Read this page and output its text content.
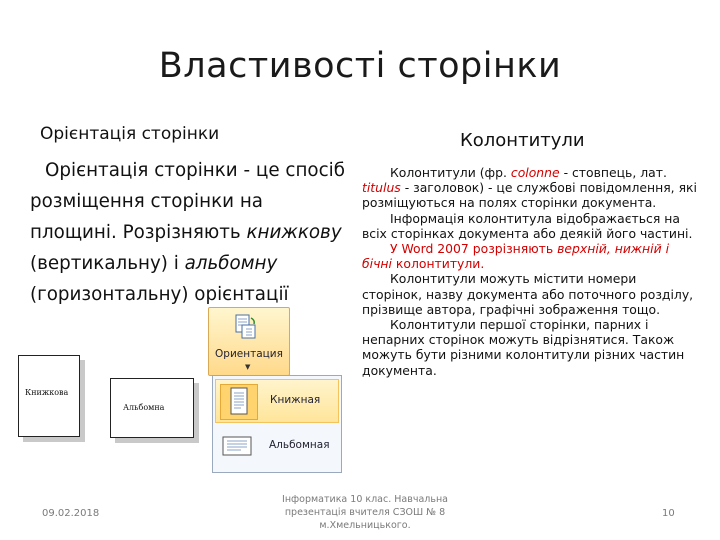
Властивості сторінки
Орієнтація сторінки
Орієнтація сторінки - це спосіб розміщення сторінки на площині. Розрізняють книжкову (вертикальну) і альбомну (горизонтальну) орієнтації
Книжкова
Альбомна
Ориентация
▼
Книжная
Альбомная
Колонтитули

Колонтитули (фр. colonne - стовпець, лат. titulus - заголовок) - це службові повідомлення, які розміщуються на полях сторінки документа.

Інформація колонтитула відображається на всіх сторінках документа або деякій його частині.

У Word 2007 розрізняють верхній, нижній і бічні колонтитули.

Колонтитули можуть містити номери сторінок, назву документа або поточного розділу, прізвище автора, графічні зображення тощо.

Колонтитули першої сторінки, парних і непарних сторінок можуть відрізнятися. Також можуть бути різними колонтитули різних частин документа.

09.02.2018
Інформатика 10 клас. Навчальна презентація вчителя СЗОШ № 8 м.Хмельницького.
10
